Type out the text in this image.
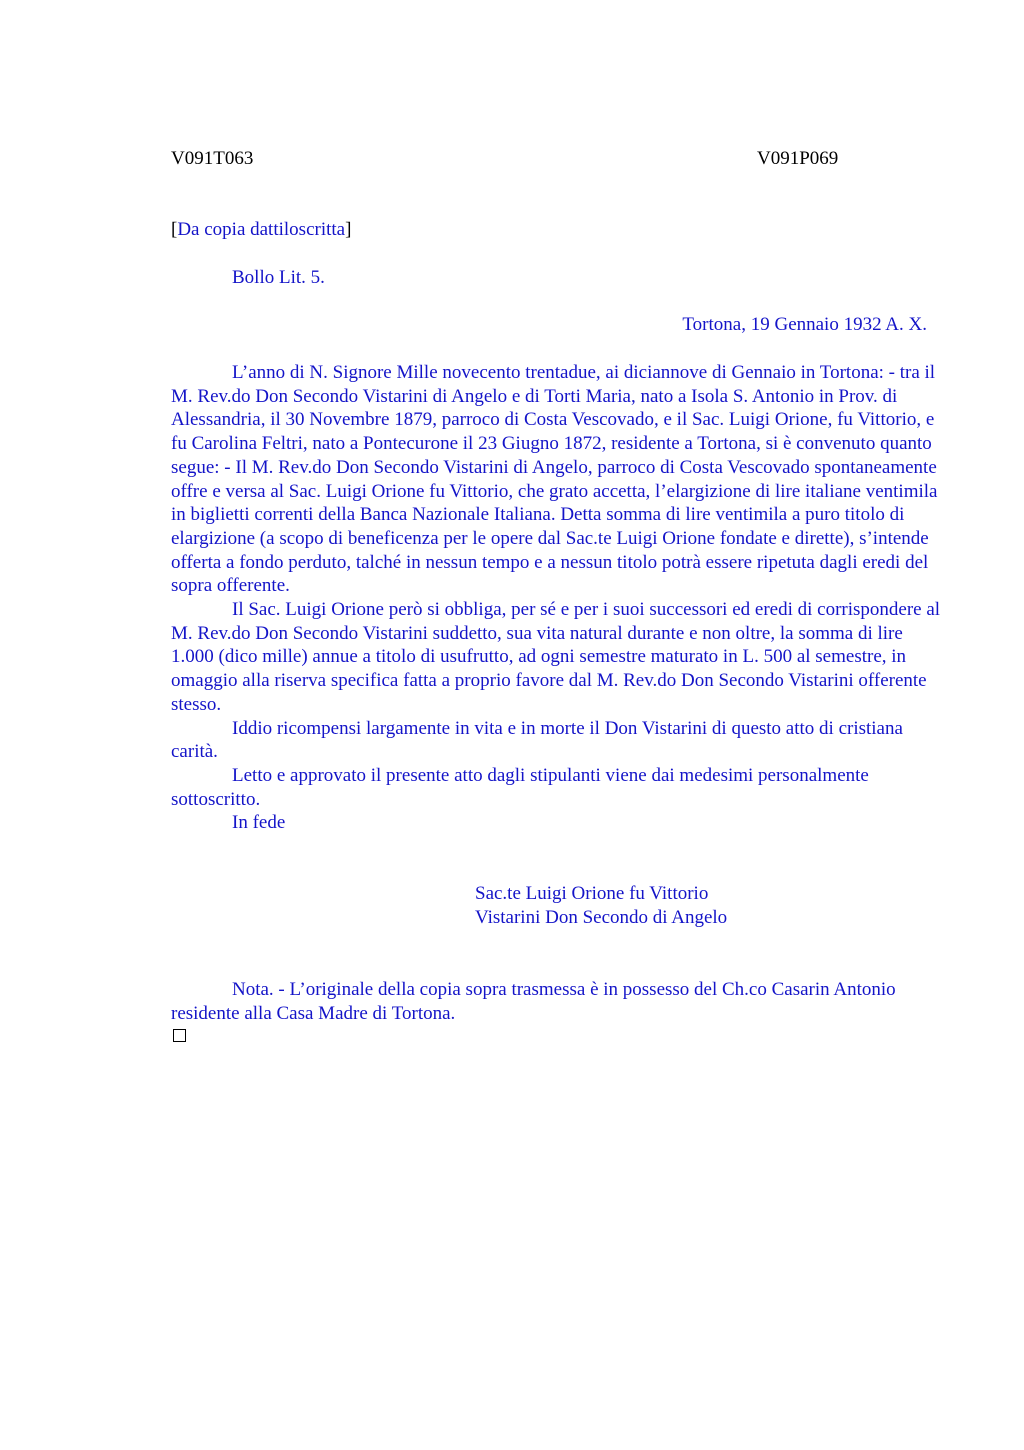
V091T063	V091P069
[Da copia dattiloscritta]
Bollo Lit. 5.
Tortona, 19 Gennaio 1932 A. X.

L’anno di N. Signore Mille novecento trentadue, ai diciannove di Gennaio in Tortona: - tra il M. Rev.do Don Secondo Vistarini di Angelo e di Torti Maria, nato a Isola S. Antonio in Prov. di Alessandria, il 30 Novembre 1879, parroco di Costa Vescovado, e il Sac. Luigi Orione, fu Vittorio, e fu Carolina Feltri, nato a Pontecurone il 23 Giugno 1872, residente a Tortona, si è convenuto quanto segue: - Il M. Rev.do Don Secondo Vistarini di Angelo, parroco di Costa Vescovado spontaneamente offre e versa al Sac. Luigi Orione fu Vittorio, che grato accetta, l’elargizione di lire italiane ventimila in biglietti correnti della Banca Nazionale Italiana. Detta somma di lire ventimila a puro titolo di elargizione (a scopo di beneficenza per le opere dal Sac.te Luigi Orione fondate e dirette), s’intende offerta a fondo perduto, talché in nessun tempo e a nessun titolo potrà essere ripetuta dagli eredi del sopra offerente.

Il Sac. Luigi Orione però si obbliga, per sé e per i suoi successori ed eredi di corrispondere al M. Rev.do Don Secondo Vistarini suddetto, sua vita natural durante e non oltre, la somma di lire 1.000 (dico mille) annue a titolo di usufrutto, ad ogni semestre maturato in L. 500 al semestre, in omaggio alla riserva specifica fatta a proprio favore dal M. Rev.do Don Secondo Vistarini offerente stesso.

Iddio ricompensi largamente in vita e in morte il Don Vistarini di questo atto di cristiana carità.

Letto e approvato il presente atto dagli stipulanti viene dai medesimi personalmente sottoscritto.

In fede

Sac.te Luigi Orione fu Vittorio
Vistarini Don Secondo di Angelo

Nota. - L’originale della copia sopra trasmessa è in possesso del Ch.co Casarin Antonio residente alla Casa Madre di Tortona.
